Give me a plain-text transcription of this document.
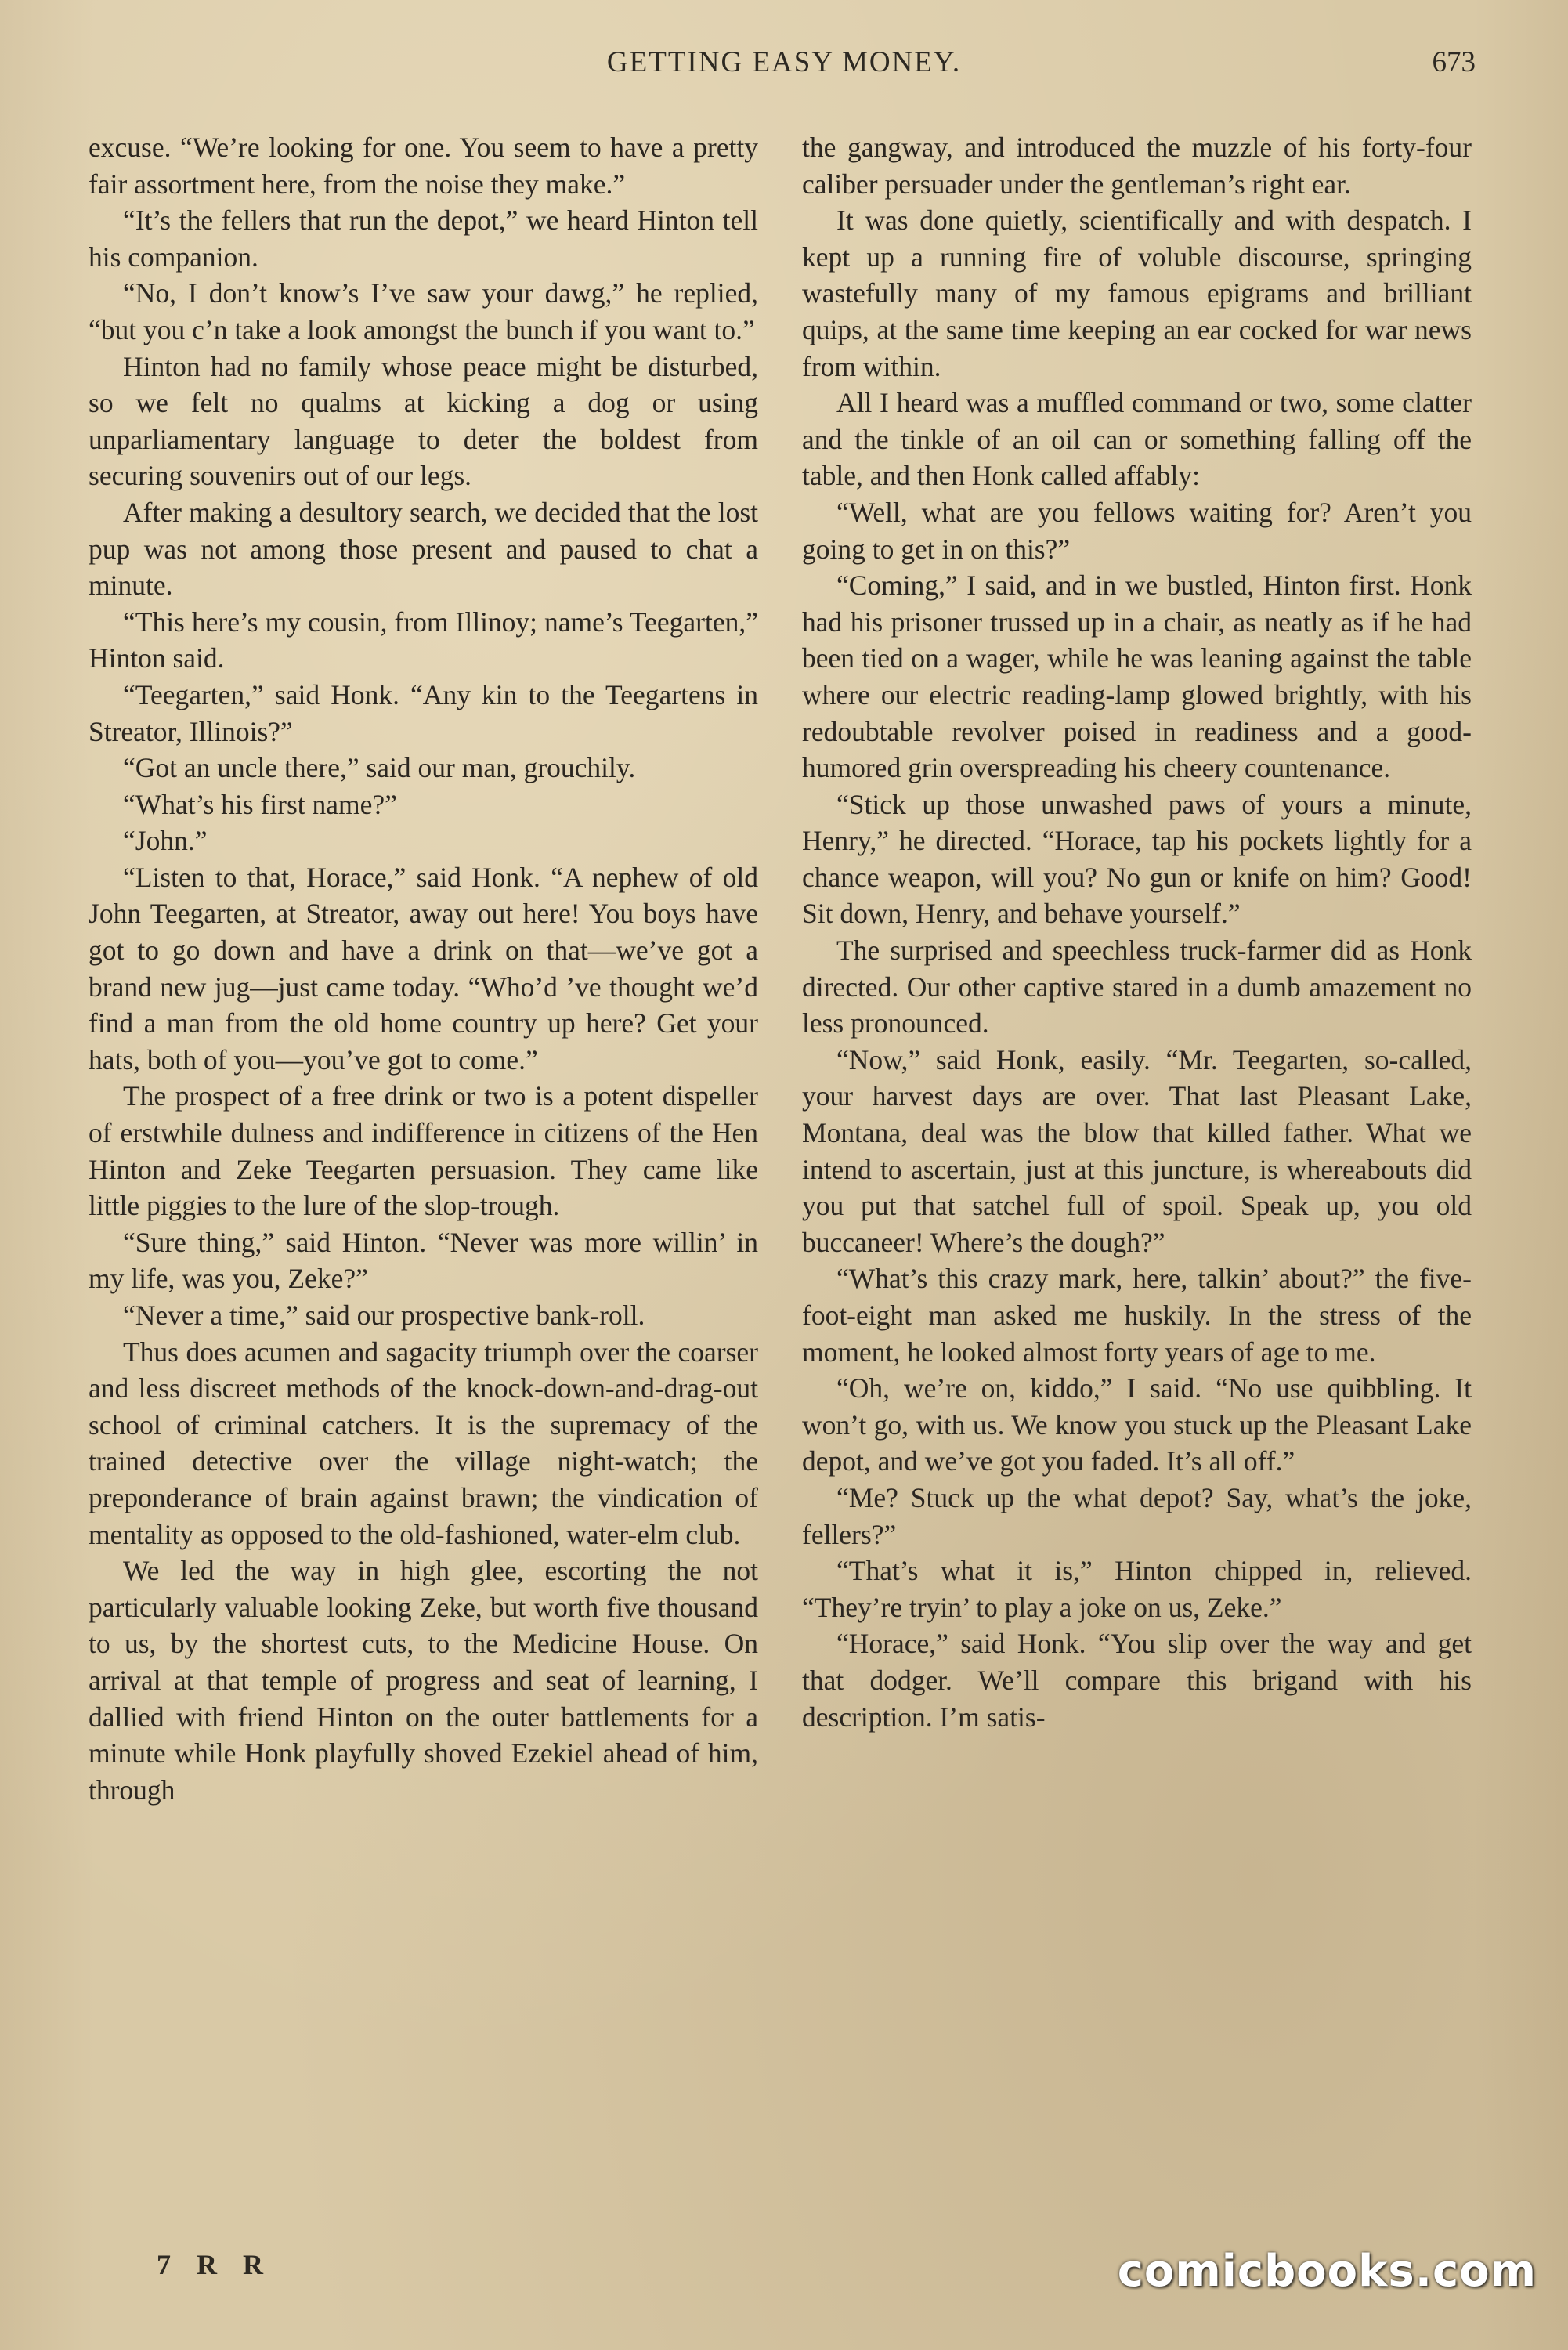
GETTING EASY MONEY.	673

excuse. “We’re looking for one. You seem to have a pretty fair assortment here, from the noise they make.”

“It’s the fellers that run the depot,” we heard Hinton tell his companion.

“No, I don’t know’s I’ve saw your dawg,” he replied, “but you c’n take a look amongst the bunch if you want to.”

Hinton had no family whose peace might be disturbed, so we felt no qualms at kicking a dog or using unparliamentary language to deter the boldest from securing souvenirs out of our legs.

After making a desultory search, we decided that the lost pup was not among those present and paused to chat a minute.

“This here’s my cousin, from Illinoy; name’s Teegarten,” Hinton said.

“Teegarten,” said Honk. “Any kin to the Teegartens in Streator, Illinois?”

“Got an uncle there,” said our man, grouchily.

“What’s his first name?”

“John.”

“Listen to that, Horace,” said Honk. “A nephew of old John Teegarten, at Streator, away out here! You boys have got to go down and have a drink on that—we’ve got a brand new jug—just came today. “Who’d ’ve thought we’d find a man from the old home country up here? Get your hats, both of you—you’ve got to come.”

The prospect of a free drink or two is a potent dispeller of erstwhile dulness and indifference in citizens of the Hen Hinton and Zeke Teegarten persuasion. They came like little piggies to the lure of the slop-trough.

“Sure thing,” said Hinton. “Never was more willin’ in my life, was you, Zeke?”

“Never a time,” said our prospective bank-roll.

Thus does acumen and sagacity triumph over the coarser and less discreet methods of the knock-down-and-drag-out school of criminal catchers. It is the supremacy of the trained detective over the village night-watch; the preponderance of brain against brawn; the vindication of mentality as opposed to the old-fashioned, water-elm club.

We led the way in high glee, escorting the not particularly valuable looking Zeke, but worth five thousand to us, by the shortest cuts, to the Medicine House. On arrival at that temple of progress and seat of learning, I dallied with friend Hinton on the outer battlements for a minute while Honk playfully shoved Ezekiel ahead of him, through

the gangway, and introduced the muzzle of his forty-four caliber persuader under the gentleman’s right ear.

It was done quietly, scientifically and with despatch. I kept up a running fire of voluble discourse, springing wastefully many of my famous epigrams and brilliant quips, at the same time keeping an ear cocked for war news from within.

All I heard was a muffled command or two, some clatter and the tinkle of an oil can or something falling off the table, and then Honk called affably:

“Well, what are you fellows waiting for? Aren’t you going to get in on this?”

“Coming,” I said, and in we bustled, Hinton first. Honk had his prisoner trussed up in a chair, as neatly as if he had been tied on a wager, while he was leaning against the table where our electric reading-lamp glowed brightly, with his redoubtable revolver poised in readiness and a good-humored grin overspreading his cheery countenance.

“Stick up those unwashed paws of yours a minute, Henry,” he directed. “Horace, tap his pockets lightly for a chance weapon, will you? No gun or knife on him? Good! Sit down, Henry, and behave yourself.”

The surprised and speechless truck-farmer did as Honk directed. Our other captive stared in a dumb amazement no less pronounced.

“Now,” said Honk, easily. “Mr. Teegarten, so-called, your harvest days are over. That last Pleasant Lake, Montana, deal was the blow that killed father. What we intend to ascertain, just at this juncture, is whereabouts did you put that satchel full of spoil. Speak up, you old buccaneer! Where’s the dough?”

“What’s this crazy mark, here, talkin’ about?” the five-foot-eight man asked me huskily. In the stress of the moment, he looked almost forty years of age to me.

“Oh, we’re on, kiddo,” I said. “No use quibbling. It won’t go, with us. We know you stuck up the Pleasant Lake depot, and we’ve got you faded. It’s all off.”

“Me? Stuck up the what depot? Say, what’s the joke, fellers?”

“That’s what it is,” Hinton chipped in, relieved. “They’re tryin’ to play a joke on us, Zeke.”

“Horace,” said Honk. “You slip over the way and get that dodger. We’ll compare this brigand with his description. I’m satis-

7 R R	comicbooks.com
